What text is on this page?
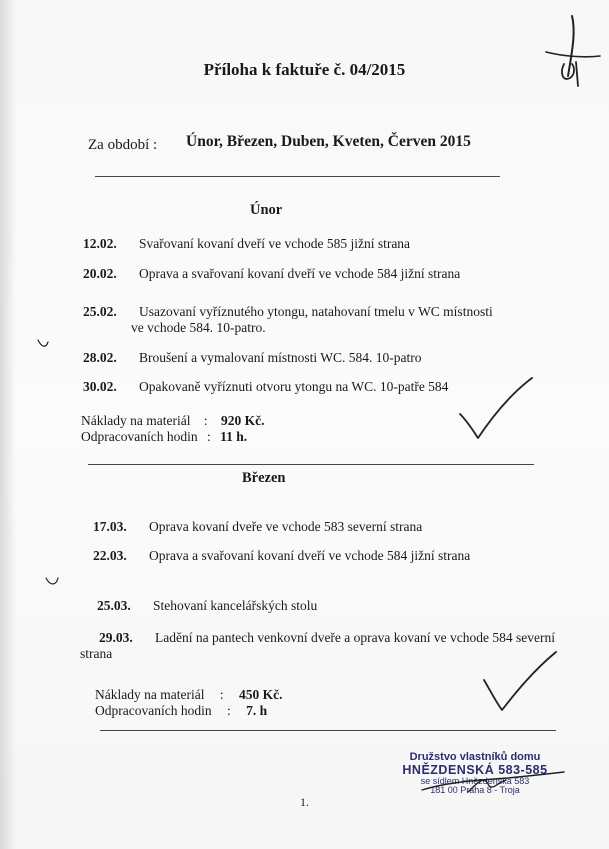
Příloha k faktuře č. 04/2015
Za období : Únor, Březen, Duben, Kveten, Červen 2015
Únor
12.02. Svařovaní kovaní dveří ve vchode 585 jižní strana
20.02. Oprava a svařovaní kovaní dveří ve vchode 584 jižní strana
25.02. Usazovaní vyříznutého ytongu, natahovaní tmelu v WC místnosti
ve vchode 584. 10-patro.
28.02. Broušení a vymalovaní místnosti WC. 584. 10-patro
30.02. Opakovaně vyříznuti otvoru ytongu na WC. 10-patře 584
Náklady na materiál : 920 Kč.
Odpracovaních hodin : 11 h.
Březen
17.03. Oprava kovaní dveře ve vchode 583 severní strana
22.03. Oprava a svařovaní kovaní dveří ve vchode 584 jižní strana
25.03. Stehovaní kancelářských stolu
29.03. Ladění na pantech venkovní dveře a oprava kovaní ve vchode 584 severní
strana
Náklady na materiál : 450 Kč.
Odpracovaních hodin : 7. h
Družstvo vlastníků domu
HNĚZDENSKÁ 583-585
se sídlem Hnězdenská 583
181 00 Praha 8 - Troja
1.
